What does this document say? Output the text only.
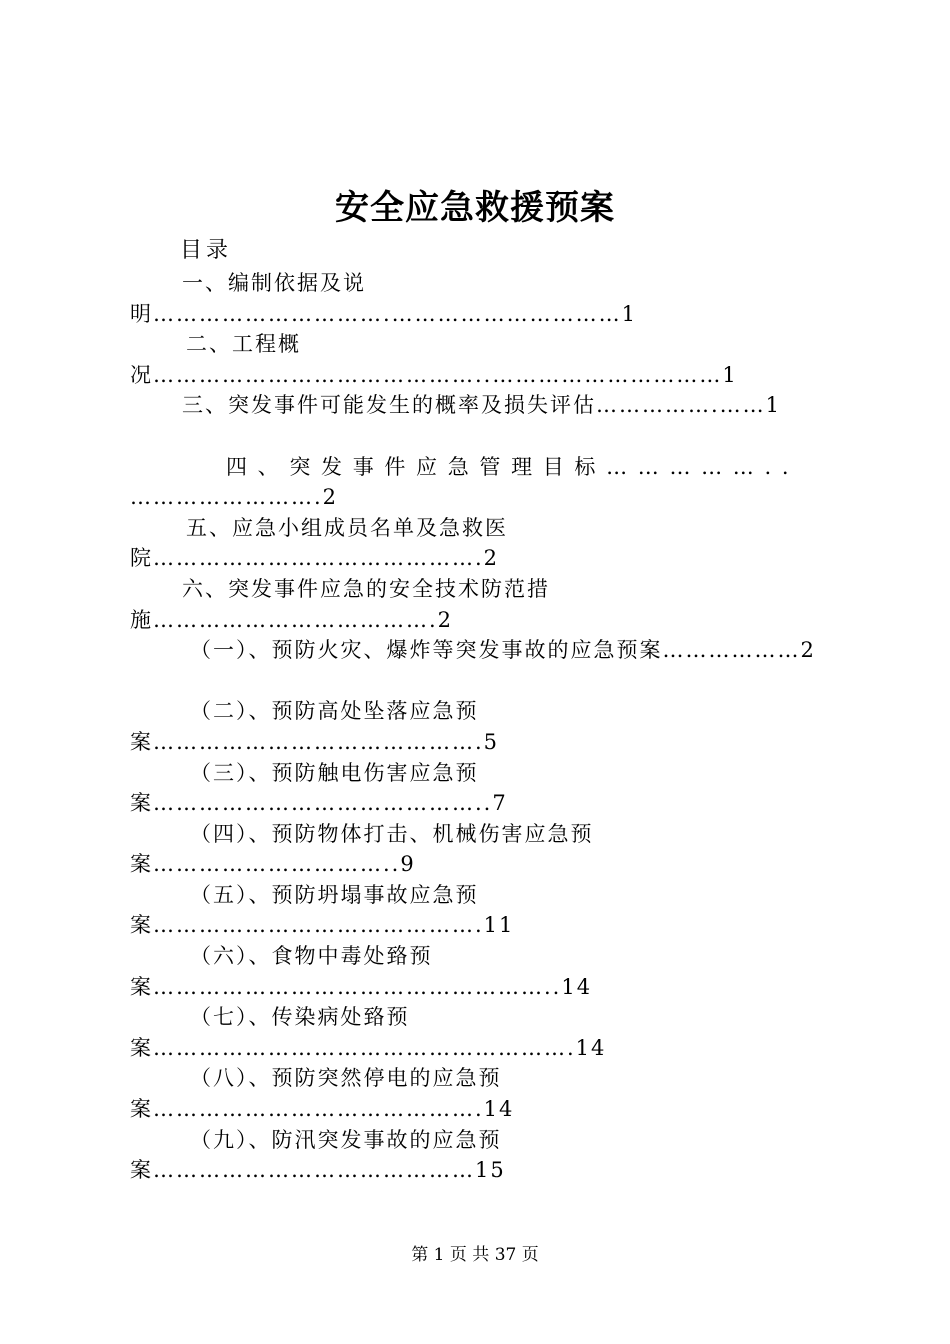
安全应急救援预案
目录
一、编制依据及说明………………………….…………………………1
二、工程概况……………………………………..…………………………1
三、突发事件可能发生的概率及损失评估…………….……1
四 、 突 发 事 件 应 急 管 理 目 标 … … … … … . . …………………….2
五、应急小组成员名单及急救医院…………………………………….2
六、突发事件应急的安全技术防范措施……………………………….2
（一）、预防火灾、爆炸等突发事故的应急预案………………2
（二）、预防高处坠落应急预案…………………………………….5
（三）、预防触电伤害应急预案……………………………………..7
（四）、预防物体打击、机械伤害应急预案…………………………..9
（五）、预防坍塌事故应急预案…………………………………….11
（六）、食物中毒处臵预案……………………………………………..14
（七）、传染病处臵预案……………………………………………….14
（八）、预防突然停电的应急预案…………………………………….14
（九）、防汛突发事故的应急预案……………………………………15
第 1 页 共 37 页
